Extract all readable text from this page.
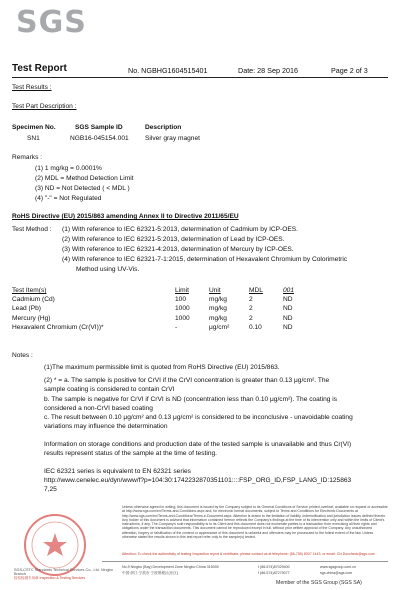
SGS
Test Report	No. NGBHG1604515401	Date: 28 Sep 2016	Page 2 of 3
Test Results :
Test Part Description :
Specimen No.	SGS Sample ID	Description
SN1	NGB16-045154.001 Silver gray magnet
Remarks :
(1) 1 mg/kg = 0.0001%
(2) MDL = Method Detection Limit
(3) ND = Not Detected ( < MDL )
(4) "-" = Not Regulated
RoHS Directive (EU) 2015/863 amending Annex II to Directive 2011/65/EU
Test Method : (1) With reference to IEC 62321-5:2013, determination of Cadmium by ICP-OES.
(2) With reference to IEC 62321-5:2013, determination of Lead by ICP-OES.
(3) With reference to IEC 62321-4:2013, determination of Mercury by ICP-OES.
(4) With reference to IEC 62321-7-1:2015, determination of Hexavalent Chromium by Colorimetric
Method using UV-Vis.
Test Item(s)	Limit	Unit	MDL	001
Cadmium (Cd)	100	mg/kg	2	ND
Lead (Pb)	1000	mg/kg	2	ND
Mercury (Hg)	1000	mg/kg	2	ND
Hexavalent Chromium (Cr(VI))*	-	μg/cm²	0.10	ND
Notes :
(1)The maximum permissible limit is quoted from RoHS Directive (EU) 2015/863.
(2) * = a. The sample is positive for CrVI if the CrVI concentration is greater than 0.13 μg/cm². The
sample coating is considered to contain CrVI
b. The sample is negative for CrVI if CrVI is ND (concentration less than 0.10 μg/cm²). The coating is
considered a non-CrVI based coating
c. The result between 0.10 μg/cm² and 0.13 μg/cm² is considered to be inconclusive - unavoidable coating
variations may influence the determination
Information on storage conditions and production date of the tested sample is unavailable and thus Cr(VI)
results represent status of the sample at the time of testing.
IEC 62321 series is equivalent to EN 62321 series
http://www.cenelec.eu/dyn/www/f?p=104:30:1742232870351101::::FSP_ORG_ID,FSP_LANG_ID:125863
7,25
Unless otherwise agreed in writing, this document is issued by the Company subject to its General Conditions of Service printed overleaf, available on request or accessible at http://www.sgs.com/en/Terms-and-Conditions.aspx and, for electronic format documents, subject to Terms and Conditions for Electronic Documents at http://www.sgs.com/en/Terms-and-Conditions/Terms-e-Document.aspx. Attention is drawn to the limitation of liability, indemnification and jurisdiction issues defined therein. Any holder of this document is advised that information contained hereon reflects the Company's findings at the time of its intervention only and within the limits of Client's instructions, if any. The Company's sole responsibility is to its Client and this document does not exonerate parties to a transaction from exercising all their rights and obligations under the transaction documents. This document cannot be reproduced except in full, without prior written approval of the Company. Any unauthorized alteration, forgery or falsification of the content or appearance of this document is unlawful and offenders may be prosecuted to the fullest extent of the law. Unless otherwise stated the results shown in this test report refer only to the sample(s) tested.
Attention: To check the authenticity of testing /inspection report & certificate, please contact us at telephone: (86-755) 8307 1443, or email: CN.Doccheck@sgs.com
SGS-CSTC Standards Technical Services Co., Ltd. Ningbo Branch
检验检测专用章 Inspection & Testing Services
No.9 Ningbo (Bay) Development Zone Ningbo China 315000
中国·浙江·宁波市 宁波保税区(东区)
t (86-574)87029400
f (86-574)87279077
www.sgsgroup.com.cn
sgs.china@sgs.com
Member of the SGS Group (SGS SA)
